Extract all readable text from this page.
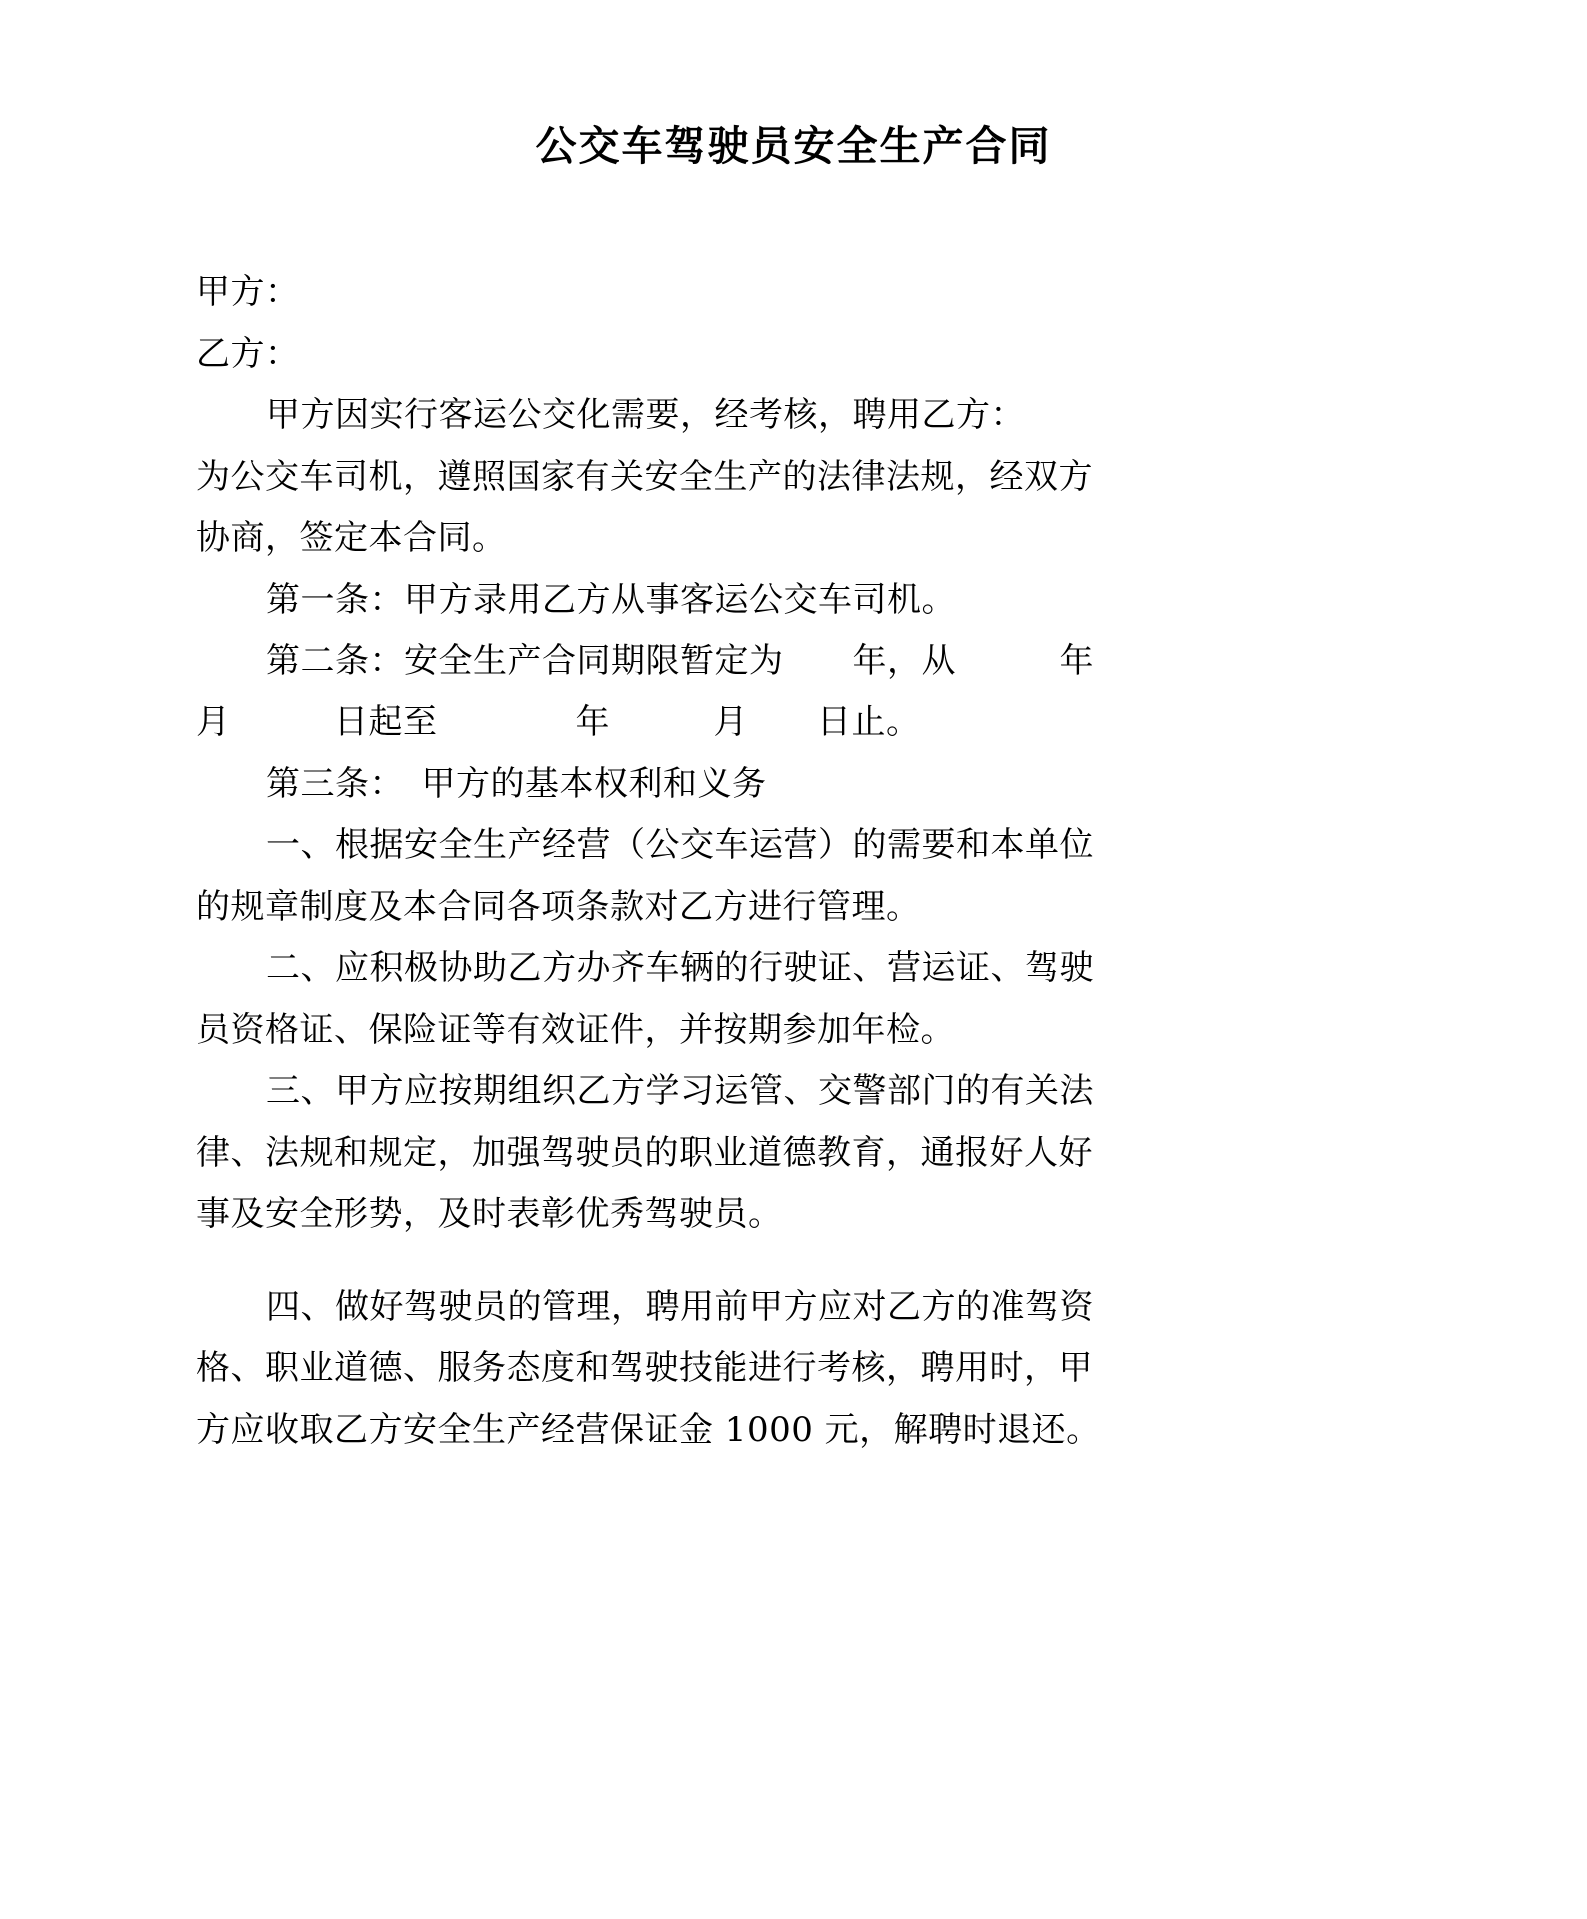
公交车驾驶员安全生产合同

甲方：

乙方：

甲方因实行客运公交化需要，经考核，聘用乙方：

为公交车司机，遵照国家有关安全生产的法律法规，经双方

协商，签定本合同。

第一条：甲方录用乙方从事客运公交车司机。

第二条：安全生产合同期限暂定为　　年，从　　　年

月　　　日起至　　　　年　　　月　　日止。

第三条：　甲方的基本权利和义务

一、根据安全生产经营（公交车运营）的需要和本单位

的规章制度及本合同各项条款对乙方进行管理。

二、应积极协助乙方办齐车辆的行驶证、营运证、驾驶

员资格证、保险证等有效证件，并按期参加年检。

三、甲方应按期组织乙方学习运管、交警部门的有关法

律、法规和规定，加强驾驶员的职业道德教育，通报好人好

事及安全形势，及时表彰优秀驾驶员。

四、做好驾驶员的管理，聘用前甲方应对乙方的准驾资

格、职业道德、服务态度和驾驶技能进行考核，聘用时，甲

方应收取乙方安全生产经营保证金 1000 元，解聘时退还。
